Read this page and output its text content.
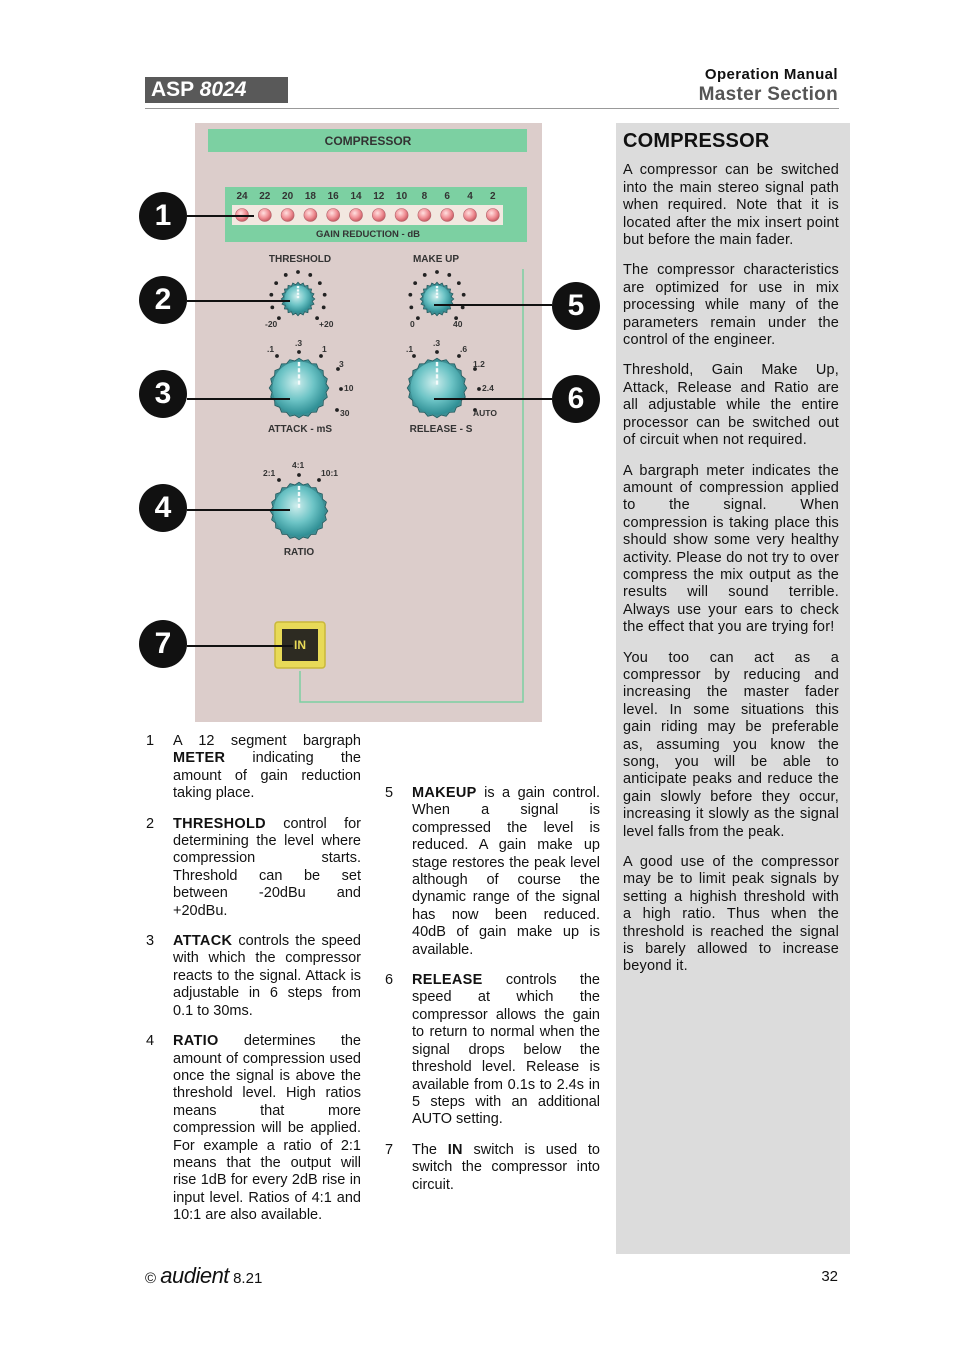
ASP 8024
Operation Manual
Master Section
COMPRESSOR
24 22 20 18 16 14 12 10 8 6 4 2
GAIN REDUCTION - dB
THRESHOLD
-20	+20
MAKE UP
0	40
.1
.3
1
3
10
30
ATTACK - mS
.1
.3
.6
1.2
2.4
AUTO
RELEASE - S
2:1
4:1
10:1
RATIO
IN
1
2
3
4
5
6
7
1 A 12 segment bargraph METER indicating the amount of gain reduction taking place.
2 THRESHOLD control for determining the level where compression starts. Threshold can be set between -20dBu and +20dBu.
3 ATTACK controls the speed with which the compressor reacts to the signal. Attack is adjustable in 6 steps from 0.1 to 30ms.
4 RATIO determines the amount of compression used once the signal is above the threshold level. High ratios means that more compression will be applied. For example a ratio of 2:1 means that the output will rise 1dB for every 2dB rise in input level. Ratios of 4:1 and 10:1 are also available.
5 MAKEUP is a gain control. When a signal is compressed the level is reduced. A gain make up stage restores the peak level although of course the dynamic range of the signal has now been reduced. 40dB of gain make up is available.
6 RELEASE controls the speed at which the compressor allows the gain to return to normal when the signal drops below the threshold level. Release is available from 0.1s to 2.4s in 5 steps with an additional AUTO setting.
7 The IN switch is used to switch the compressor into circuit.
COMPRESSOR

A compressor can be switched into the main stereo signal path when required. Note that it is located after the mix insert point but before the main fader.

The compressor characteristics are optimized for use in mix processing while many of the parameters remain under the control of the engineer.

Threshold, Gain Make Up, Attack, Release and Ratio are all adjustable while the entire processor can be switched out of circuit when not required.

A bargraph meter indicates the amount of compression applied to the signal. When compression is taking place this should show some very healthy activity. Please do not try to over compress the mix output as the results will sound terrible. Always use your ears to check the effect that you are trying for!

You too can act as a compressor by reducing and increasing the master fader level. In some situations this gain riding may be preferable as, assuming you know the song, you will be able to anticipate peaks and reduce the gain slowly before they occur, increasing it slowly as the signal level falls from the peak.

A good use of the compressor may be to limit peak signals by setting a highish threshold with a high ratio. Thus when the threshold is reached the signal is barely allowed to increase beyond it.

© audient 8.21	32
